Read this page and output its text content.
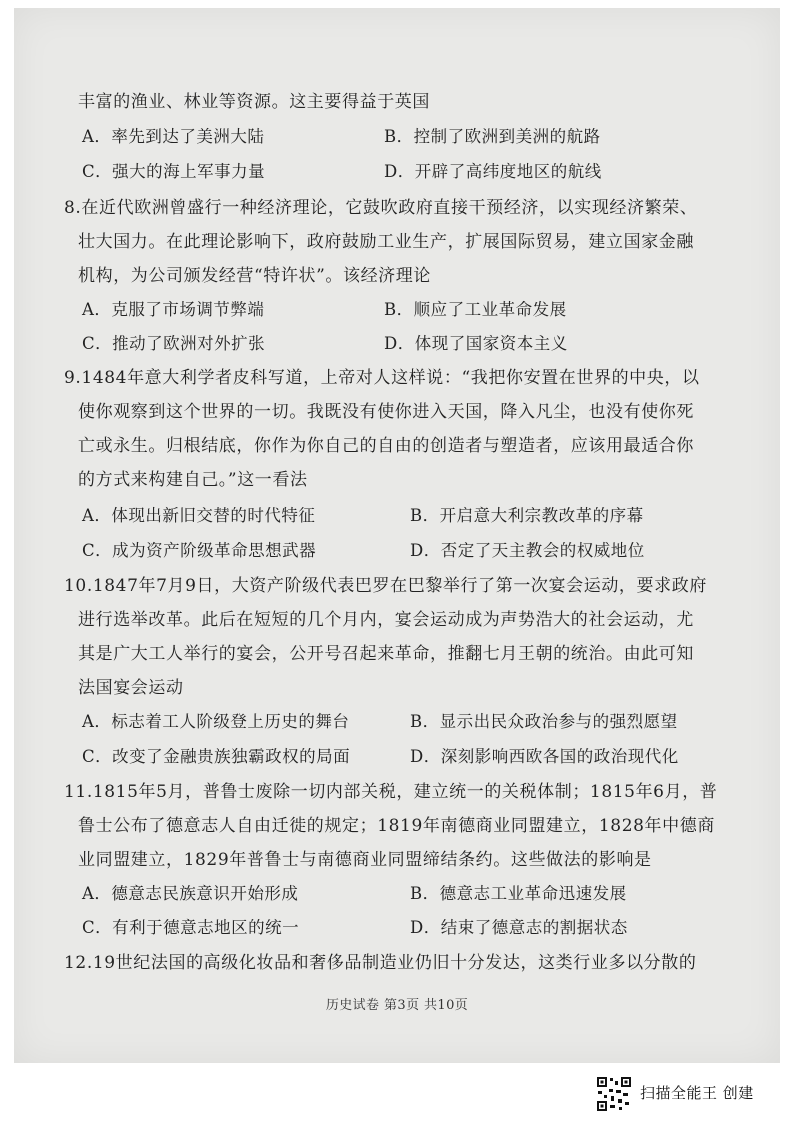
丰富的渔业、林业等资源。这主要得益于英国
A．率先到达了美洲大陆	B．控制了欧洲到美洲的航路
C．强大的海上军事力量	D．开辟了高纬度地区的航线
8.在近代欧洲曾盛行一种经济理论，它鼓吹政府直接干预经济，以实现经济繁荣、
壮大国力。在此理论影响下，政府鼓励工业生产，扩展国际贸易，建立国家金融
机构，为公司颁发经营“特许状”。该经济理论
A．克服了市场调节弊端	B．顺应了工业革命发展
C．推动了欧洲对外扩张	D．体现了国家资本主义
9.1484年意大利学者皮科写道，上帝对人这样说：“我把你安置在世界的中央，以
使你观察到这个世界的一切。我既没有使你进入天国，降入凡尘，也没有使你死
亡或永生。归根结底，你作为你自己的自由的创造者与塑造者，应该用最适合你
的方式来构建自己。”这一看法
A．体现出新旧交替的时代特征	B．开启意大利宗教改革的序幕
C．成为资产阶级革命思想武器	D．否定了天主教会的权威地位
10.1847年7月9日，大资产阶级代表巴罗在巴黎举行了第一次宴会运动，要求政府
进行选举改革。此后在短短的几个月内，宴会运动成为声势浩大的社会运动，尤
其是广大工人举行的宴会，公开号召起来革命，推翻七月王朝的统治。由此可知
法国宴会运动
A．标志着工人阶级登上历史的舞台	B．显示出民众政治参与的强烈愿望
C．改变了金融贵族独霸政权的局面	D．深刻影响西欧各国的政治现代化
11.1815年5月，普鲁士废除一切内部关税，建立统一的关税体制；1815年6月，普
鲁士公布了德意志人自由迁徙的规定；1819年南德商业同盟建立，1828年中德商
业同盟建立，1829年普鲁士与南德商业同盟缔结条约。这些做法的影响是
A．德意志民族意识开始形成	B．德意志工业革命迅速发展
C．有利于德意志地区的统一	D．结束了德意志的割据状态
12.19世纪法国的高级化妆品和奢侈品制造业仍旧十分发达，这类行业多以分散的
历史试卷 第3页 共10页
扫描全能王 创建
